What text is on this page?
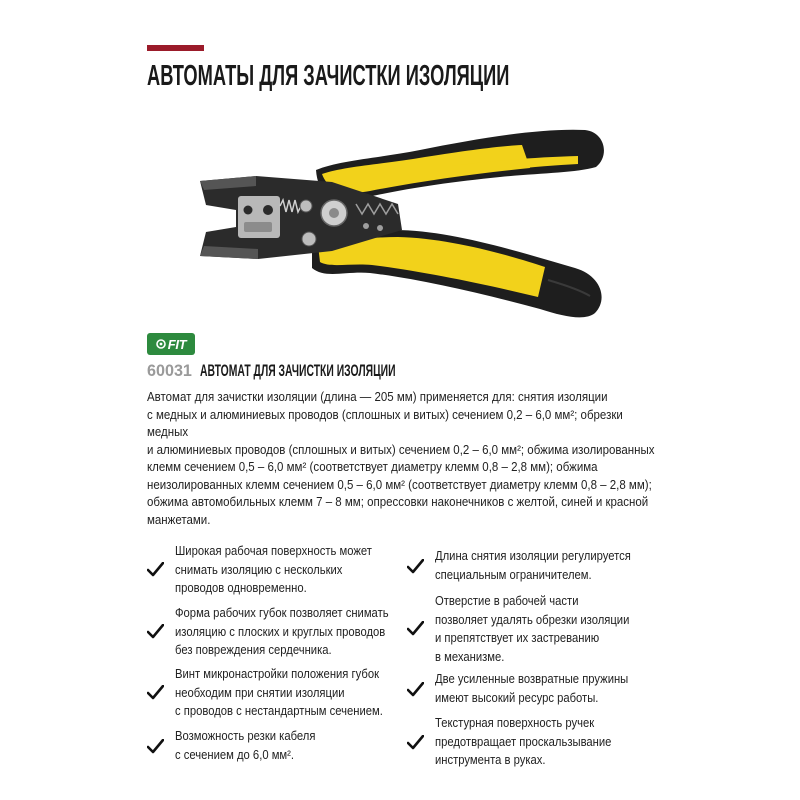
АВТОМАТЫ ДЛЯ ЗАЧИСТКИ ИЗОЛЯЦИИ
FIT
60031 АВТОМАТ ДЛЯ ЗАЧИСТКИ ИЗОЛЯЦИИ
Автомат для зачистки изоляции (длина — 205 мм) применяется для: снятия изоляции
с медных и алюминиевых проводов (сплошных и витых) сечением 0,2 – 6,0 мм²; обрезки медных
и алюминиевых проводов (сплошных и витых) сечением 0,2 – 6,0 мм²; обжима изолированных
клемм сечением 0,5 – 6,0 мм² (соответствует диаметру клемм 0,8 – 2,8 мм); обжима
неизолированных клемм сечением 0,5 – 6,0 мм² (соответствует диаметру клемм 0,8 – 2,8 мм);
обжима автомобильных клемм 7 – 8 мм; опрессовки наконечников с желтой, синей и красной
манжетами.
Широкая рабочая поверхность может
снимать изоляцию с нескольких
проводов одновременно.
Форма рабочих губок позволяет снимать
изоляцию с плоских и круглых проводов
без повреждения сердечника.
Винт микронастройки положения губок
необходим при снятии изоляции
с проводов с нестандартным сечением.
Возможность резки кабеля
с сечением до 6,0 мм².
Длина снятия изоляции регулируется
специальным ограничителем.
Отверстие в рабочей части
позволяет удалять обрезки изоляции
и препятствует их застреванию
в механизме.
Две усиленные возвратные пружины
имеют высокий ресурс работы.
Текстурная поверхность ручек
предотвращает проскальзывание
инструмента в руках.
